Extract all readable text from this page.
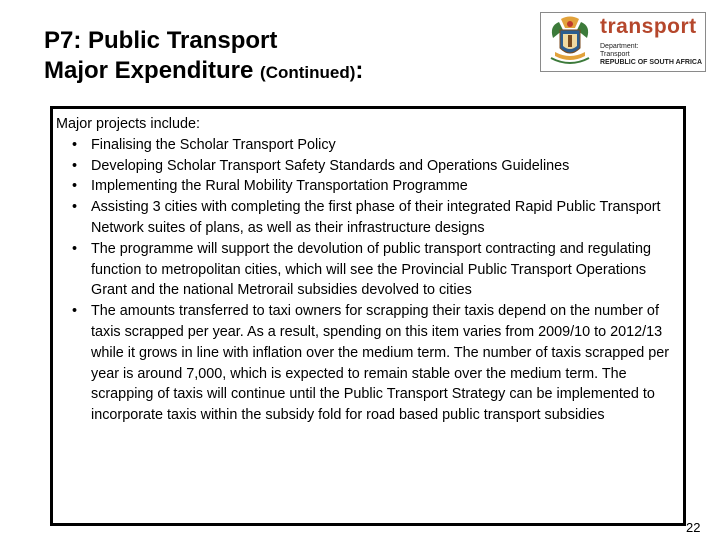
P7: Public Transport
Major Expenditure (Continued):
transport
Department:
Transport
REPUBLIC OF SOUTH AFRICA
Major projects include:
• Finalising the Scholar Transport Policy
• Developing Scholar Transport Safety Standards and Operations Guidelines
• Implementing the Rural Mobility Transportation Programme
• Assisting 3 cities with completing the first phase of their integrated Rapid Public Transport Network suites of plans, as well as their infrastructure designs
• The programme will support the devolution of public transport contracting and regulating function to metropolitan cities, which will see the Provincial Public Transport Operations Grant and the national Metrorail subsidies devolved to cities
• The amounts transferred to taxi owners for scrapping their taxis depend on the number of taxis scrapped per year. As a result, spending on this item varies from 2009/10 to 2012/13 while it grows in line with inflation over the medium term. The number of taxis scrapped per year is around 7,000, which is expected to remain stable over the medium term. The scrapping of taxis will continue until the Public Transport Strategy can be implemented to incorporate taxis within the subsidy fold for road based public transport subsidies
22
